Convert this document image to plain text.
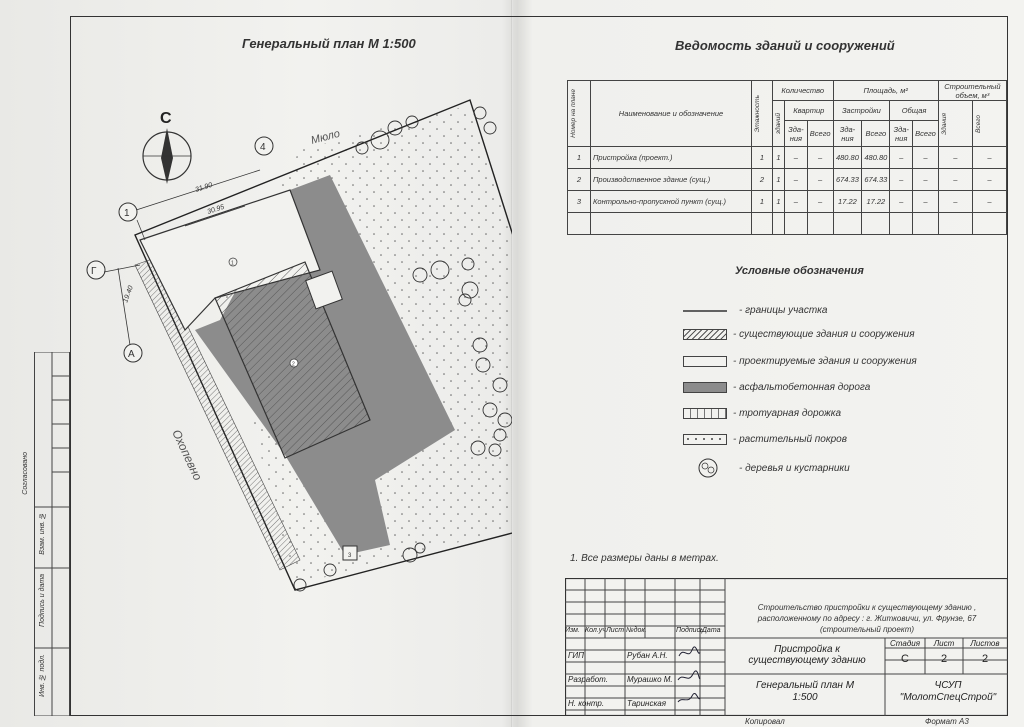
Согласовано
Взам. инв. №
Подпись и дата
Инв. № подл.
Генеральный план М 1:500	Ведомость зданий и сооружений
31.90
30.95
19.40
1
4
Г
А
1
2
3
Мюло
Охопевно
С	Номер на плане	Наименование и обозначение	Этажность	Количество			Площадь, м²				Строительный объем, м³	

			зданий	Квартир		Застройки		Общая		Здания	Всего

				Зда-ния	Всего	Зда-ния	Всего	Зда-ния	Всего		
1	Пристройка (проект.)	1	1	–	–	480.80	480.80	–	–	–	–
2	Производственное здание (сущ.)	2	1	–	–	674.33	674.33	–	–	–	–
3	Контрольно-пропускной пункт (сущ.)	1	1	–	–	17.22	17.22	–	–	–	–

Условные обозначения
- границы участка
- существующие здания и сооружения
- проектируемые здания и сооружения
- асфальтобетонная дорога
- тротуарная дорожка
- растительный покров
- деревья и кустарники
1. Все размеры даны в метрах.
Строительство пристройки к существующему зданию , расположенному по адресу : г. Житковичи, ул. Фрунзе, 67 (строительный проект)
Изм. Кол.уч Лист №док.	Подпись
Дата
ГИП	Рубан А.Н.
Разработ. Мурашко М.
Н. контр.	Таринская
Пристройка к существующему зданию
Стадия	Лист	Листов
С	2	2
Генеральный план М 1:500
ЧСУП "МолотСпецСтрой"
Копировал	Формат А3
